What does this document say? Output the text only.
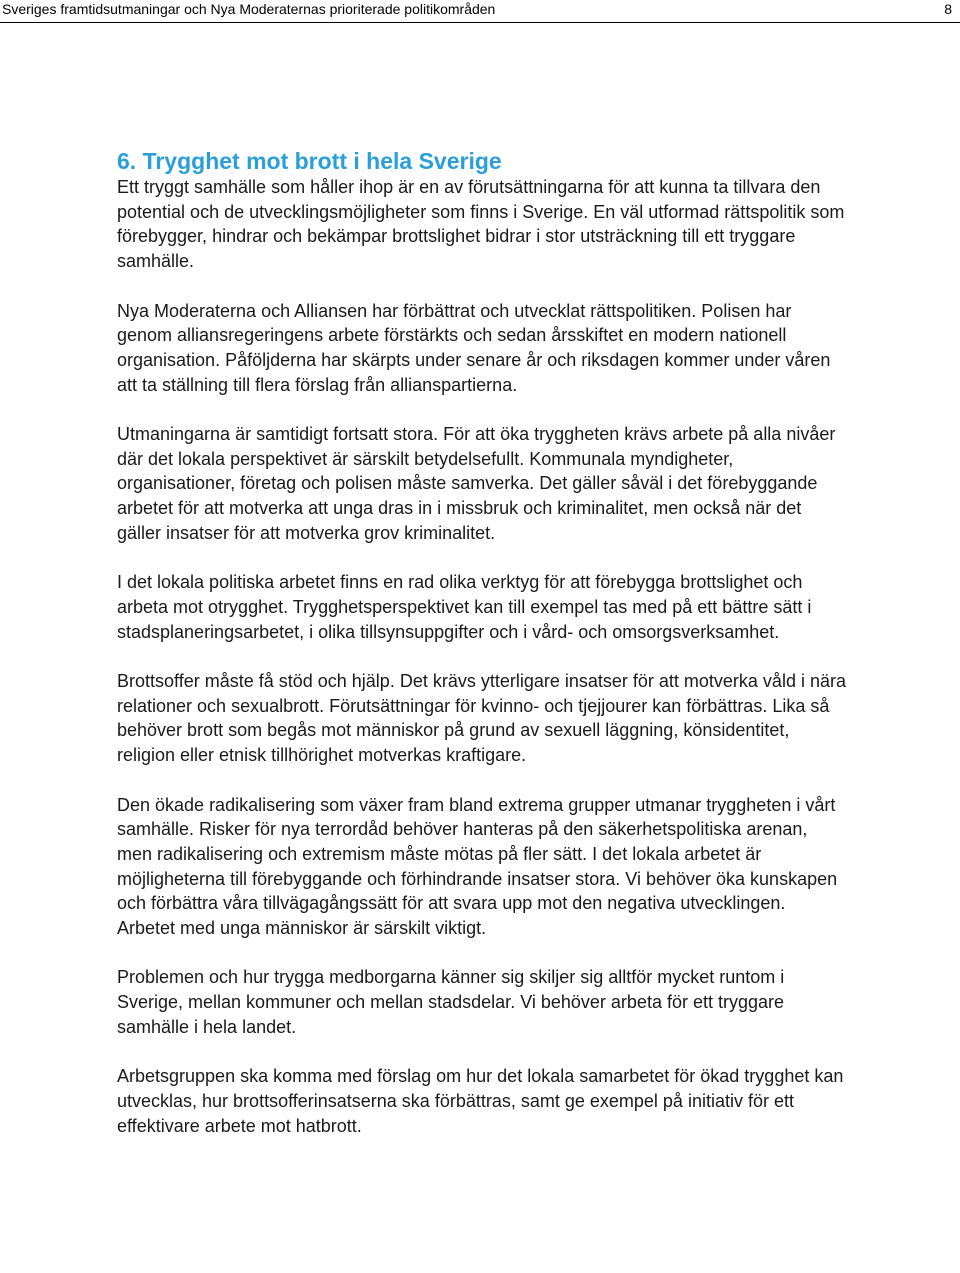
Sveriges framtidsutmaningar och Nya Moderaternas prioriterade politikområden	8
6. Trygghet mot brott i hela Sverige

Ett tryggt samhälle som håller ihop är en av förutsättningarna för att kunna ta tillvara den potential och de utvecklingsmöjligheter som finns i Sverige. En väl utformad rättspolitik som förebygger, hindrar och bekämpar brottslighet bidrar i stor utsträckning till ett tryggare samhälle.

Nya Moderaterna och Alliansen har förbättrat och utvecklat rättspolitiken. Polisen har genom alliansregeringens arbete förstärkts och sedan årsskiftet en modern nationell organisation. Påföljderna har skärpts under senare år och riksdagen kommer under våren att ta ställning till flera förslag från allianspartierna.

Utmaningarna är samtidigt fortsatt stora. För att öka tryggheten krävs arbete på alla nivåer där det lokala perspektivet är särskilt betydelsefullt. Kommunala myndigheter, organisationer, företag och polisen måste samverka. Det gäller såväl i det förebyggande arbetet för att motverka att unga dras in i missbruk och kriminalitet, men också när det gäller insatser för att motverka grov kriminalitet.

I det lokala politiska arbetet finns en rad olika verktyg för att förebygga brottslighet och arbeta mot otrygghet. Trygghetsperspektivet kan till exempel tas med på ett bättre sätt i stadsplaneringsarbetet, i olika tillsynsuppgifter och i vård- och omsorgsverksamhet.

Brottsoffer måste få stöd och hjälp. Det krävs ytterligare insatser för att motverka våld i nära relationer och sexualbrott. Förutsättningar för kvinno- och tjejjourer kan förbättras. Lika så behöver brott som begås mot människor på grund av sexuell läggning, könsidentitet, religion eller etnisk tillhörighet motverkas kraftigare.

Den ökade radikalisering som växer fram bland extrema grupper utmanar tryggheten i vårt samhälle. Risker för nya terrordåd behöver hanteras på den säkerhetspolitiska arenan, men radikalisering och extremism måste mötas på fler sätt. I det lokala arbetet är möjligheterna till förebyggande och förhindrande insatser stora. Vi behöver öka kunskapen och förbättra våra tillvägagångssätt för att svara upp mot den negativa utvecklingen. Arbetet med unga människor är särskilt viktigt.

Problemen och hur trygga medborgarna känner sig skiljer sig alltför mycket runtom i Sverige, mellan kommuner och mellan stadsdelar. Vi behöver arbeta för ett tryggare samhälle i hela landet.

Arbetsgruppen ska komma med förslag om hur det lokala samarbetet för ökad trygghet kan utvecklas, hur brottsofferinsatserna ska förbättras, samt ge exempel på initiativ för ett effektivare arbete mot hatbrott.
